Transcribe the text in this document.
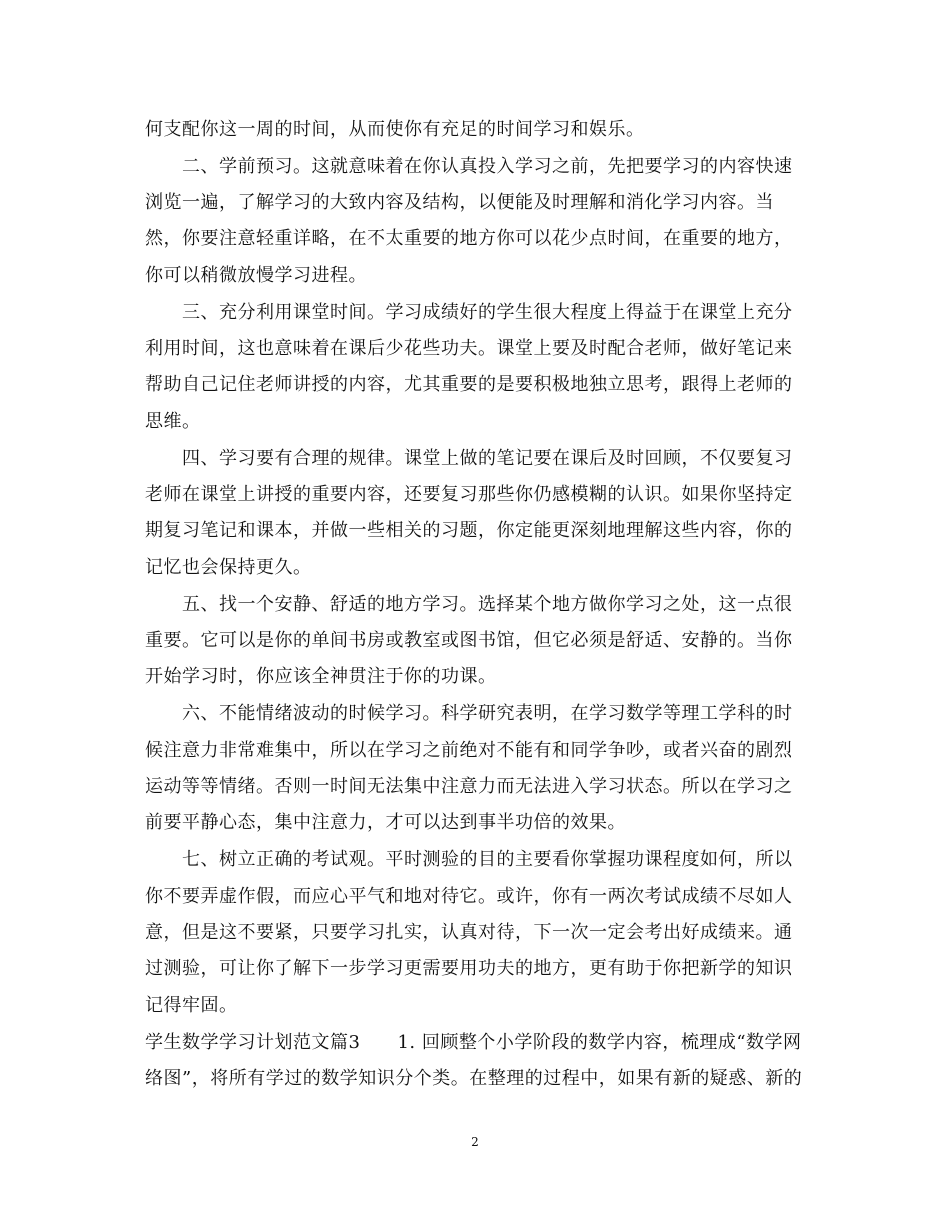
何支配你这一周的时间，从而使你有充足的时间学习和娱乐。
　　二、学前预习。这就意味着在你认真投入学习之前，先把要学习的内容快速
浏览一遍，了解学习的大致内容及结构，以便能及时理解和消化学习内容。当
然，你要注意轻重详略，在不太重要的地方你可以花少点时间，在重要的地方，
你可以稍微放慢学习进程。
　　三、充分利用课堂时间。学习成绩好的学生很大程度上得益于在课堂上充分
利用时间，这也意味着在课后少花些功夫。课堂上要及时配合老师，做好笔记来
帮助自己记住老师讲授的内容，尤其重要的是要积极地独立思考，跟得上老师的
思维。
　　四、学习要有合理的规律。课堂上做的笔记要在课后及时回顾，不仅要复习
老师在课堂上讲授的重要内容，还要复习那些你仍感模糊的认识。如果你坚持定
期复习笔记和课本，并做一些相关的习题，你定能更深刻地理解这些内容，你的
记忆也会保持更久。
　　五、找一个安静、舒适的地方学习。选择某个地方做你学习之处，这一点很
重要。它可以是你的单间书房或教室或图书馆，但它必须是舒适、安静的。当你
开始学习时，你应该全神贯注于你的功课。
　　六、不能情绪波动的时候学习。科学研究表明，在学习数学等理工学科的时
候注意力非常难集中，所以在学习之前绝对不能有和同学争吵，或者兴奋的剧烈
运动等等情绪。否则一时间无法集中注意力而无法进入学习状态。所以在学习之
前要平静心态，集中注意力，才可以达到事半功倍的效果。
　　七、树立正确的考试观。平时测验的目的主要看你掌握功课程度如何，所以
你不要弄虚作假，而应心平气和地对待它。或许，你有一两次考试成绩不尽如人
意，但是这不要紧，只要学习扎实，认真对待，下一次一定会考出好成绩来。通
过测验，可让你了解下一步学习更需要用功夫的地方，更有助于你把新学的知识
记得牢固。
学生数学学习计划范文篇3　　1. 回顾整个小学阶段的数学内容，梳理成“数学网
络图”，将所有学过的数学知识分个类。在整理的过程中，如果有新的疑惑、新的
2
